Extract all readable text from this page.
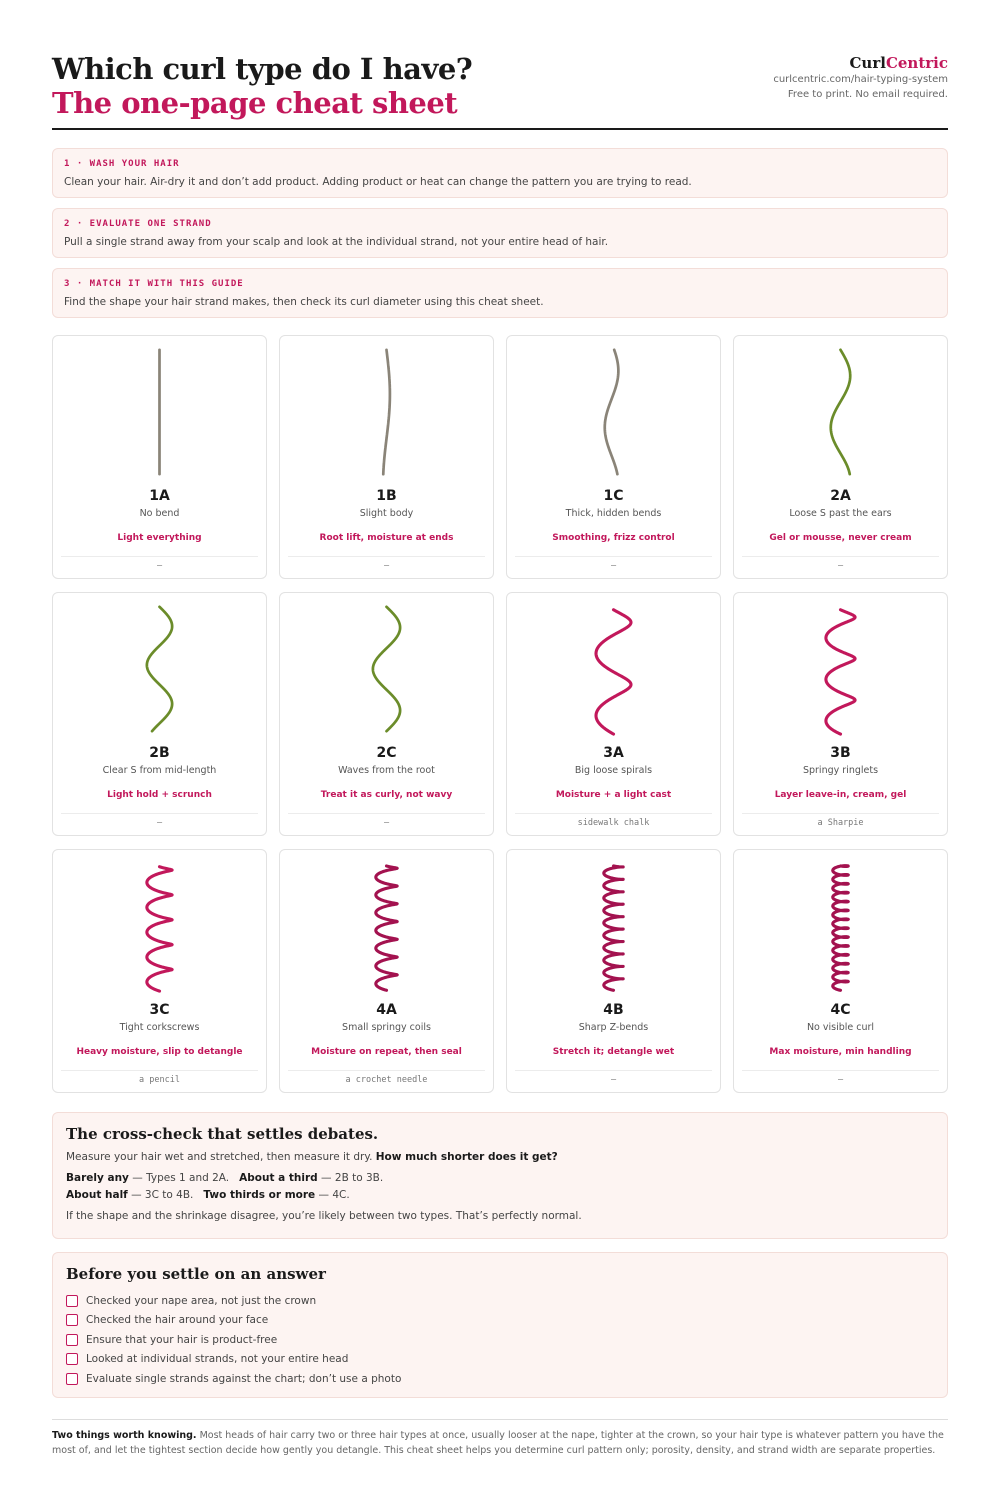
Which curl type do I have?
The one-page cheat sheet
CurlCentric
curlcentric.com/hair-typing-system
Free to print. No email required.
1 · WASH YOUR HAIR
Clean your hair. Air-dry it and don’t add product. Adding product or heat can change the pattern you are trying to read.
2 · EVALUATE ONE STRAND
Pull a single strand away from your scalp and look at the individual strand, not your entire head of hair.
3 · MATCH IT WITH THIS GUIDE
Find the shape your hair strand makes, then check its curl diameter using this cheat sheet.
1A
No bend
Light everything
—
1B
Slight body
Root lift, moisture at ends
—
1C
Thick, hidden bends
Smoothing, frizz control
—
2A
Loose S past the ears
Gel or mousse, never cream
—
2B
Clear S from mid-length
Light hold + scrunch
—
2C
Waves from the root
Treat it as curly, not wavy
—
3A
Big loose spirals
Moisture + a light cast
sidewalk chalk
3B
Springy ringlets
Layer leave-in, cream, gel
a Sharpie
3C
Tight corkscrews
Heavy moisture, slip to detangle
a pencil
4A
Small springy coils
Moisture on repeat, then seal
a crochet needle
4B
Sharp Z-bends
Stretch it; detangle wet
—
4C
No visible curl
Max moisture, min handling
—
The cross-check that settles debates.
Measure your hair wet and stretched, then measure it dry. How much shorter does it get?
Barely any — Types 1 and 2A. About a third — 2B to 3B.
About half — 3C to 4B. Two thirds or more — 4C.
If the shape and the shrinkage disagree, you’re likely between two types. That’s perfectly normal.
Before you settle on an answer
Checked your nape area, not just the crown
Checked the hair around your face
Ensure that your hair is product-free
Looked at individual strands, not your entire head
Evaluate single strands against the chart; don’t use a photo
Two things worth knowing. Most heads of hair carry two or three hair types at once, usually looser at the nape, tighter at the crown, so your hair type is whatever pattern you have the most of, and let the tightest section decide how gently you detangle. This cheat sheet helps you determine curl pattern only; porosity, density, and strand width are separate properties.
